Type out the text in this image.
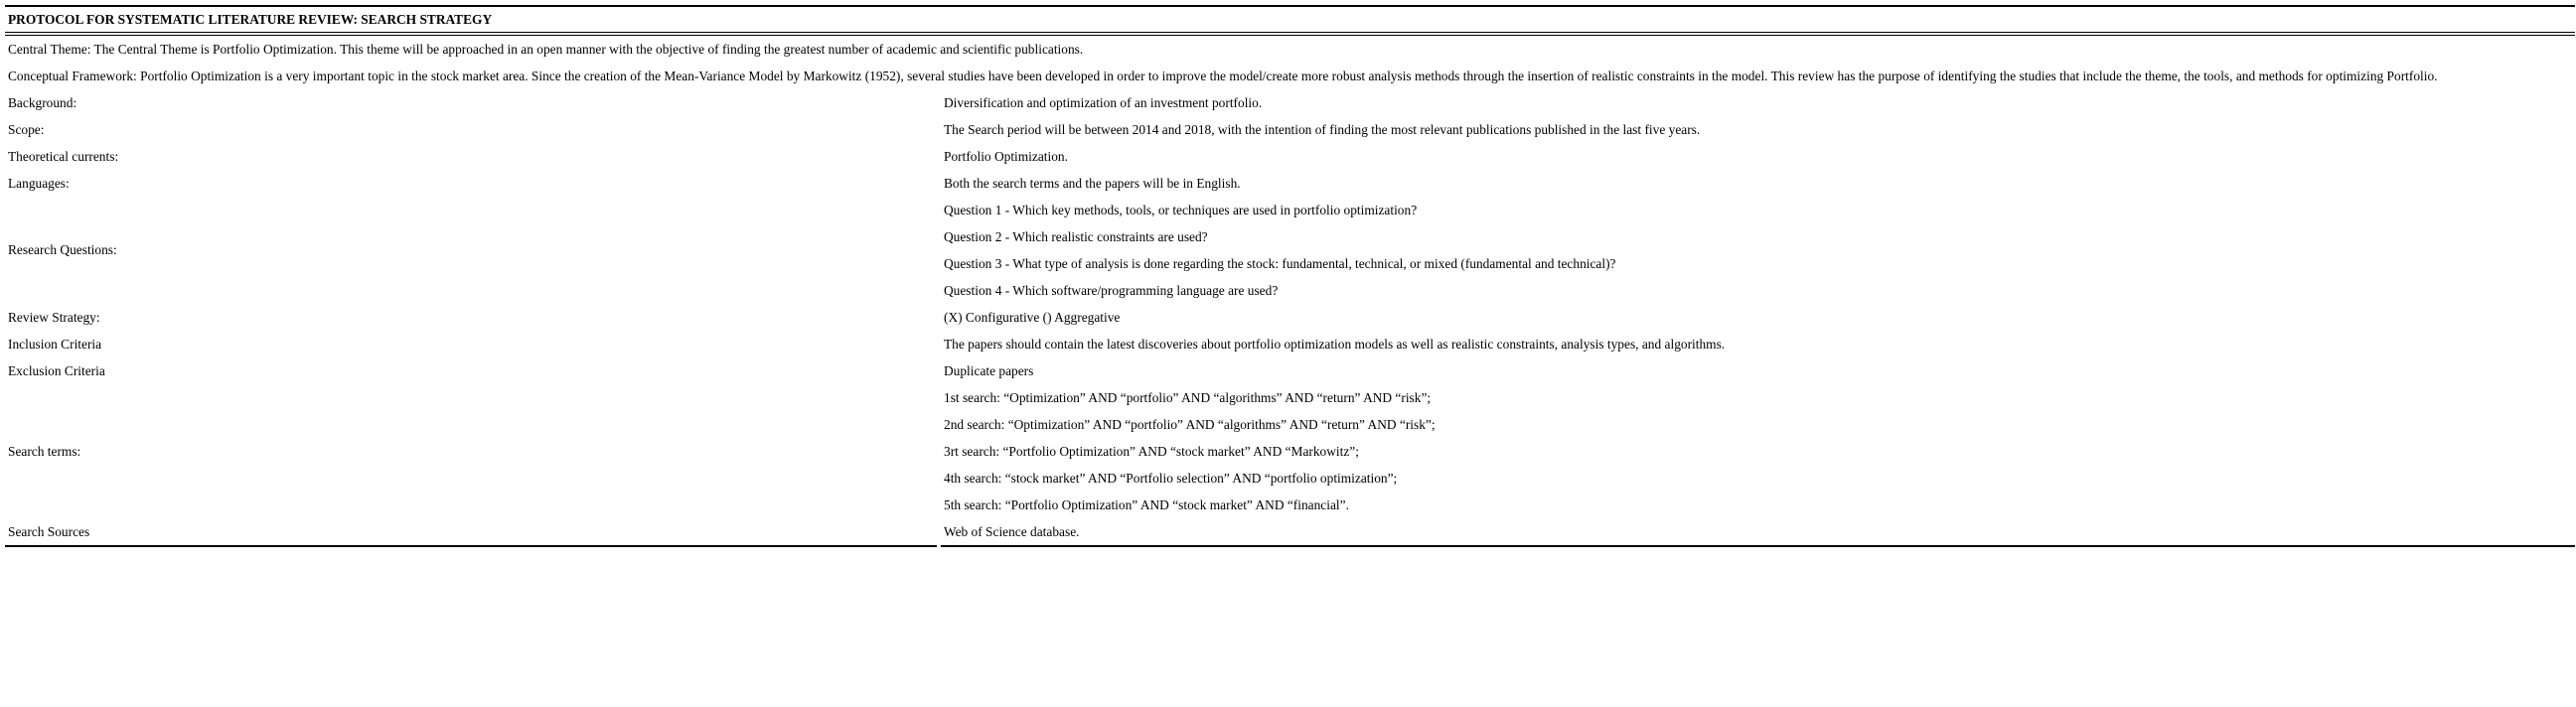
PROTOCOL FOR SYSTEMATIC LITERATURE REVIEW: SEARCH STRATEGY
Central Theme: The Central Theme is Portfolio Optimization. This theme will be approached in an open manner with the objective of finding the greatest number of academic and scientific publications.
Conceptual Framework: Portfolio Optimization is a very important topic in the stock market area. Since the creation of the Mean-Variance Model by Markowitz (1952), several studies have been developed in order to improve the model/create more robust analysis methods through the insertion of realistic constraints in the model. This review has the purpose of identifying the studies that include the theme, the tools, and methods for optimizing Portfolio.
Background:	Diversification and optimization of an investment portfolio.
Scope:	The Search period will be between 2014 and 2018, with the intention of finding the most relevant publications published in the last five years.
Theoretical currents:	Portfolio Optimization.
Languages:	Both the search terms and the papers will be in English.
Research Questions:
Question 1 - Which key methods, tools, or techniques are used in portfolio optimization?
Question 2 - Which realistic constraints are used?
Question 3 - What type of analysis is done regarding the stock: fundamental, technical, or mixed (fundamental and technical)?
Question 4 - Which software/programming language are used?
Review Strategy:	(X) Configurative () Aggregative
Inclusion Criteria	The papers should contain the latest discoveries about portfolio optimization models as well as realistic constraints, analysis types, and algorithms.
Exclusion Criteria	Duplicate papers
Search terms:
1st search: “Optimization” AND “portfolio” AND “algorithms” AND “return” AND “risk”;
2nd search: “Optimization” AND “portfolio” AND “algorithms” AND “return” AND “risk”;
3rt search: “Portfolio Optimization” AND “stock market” AND “Markowitz”;
4th search: “stock market” AND “Portfolio selection” AND “portfolio optimization”;
5th search: “Portfolio Optimization” AND “stock market” AND “financial”.
Search Sources	Web of Science database.
